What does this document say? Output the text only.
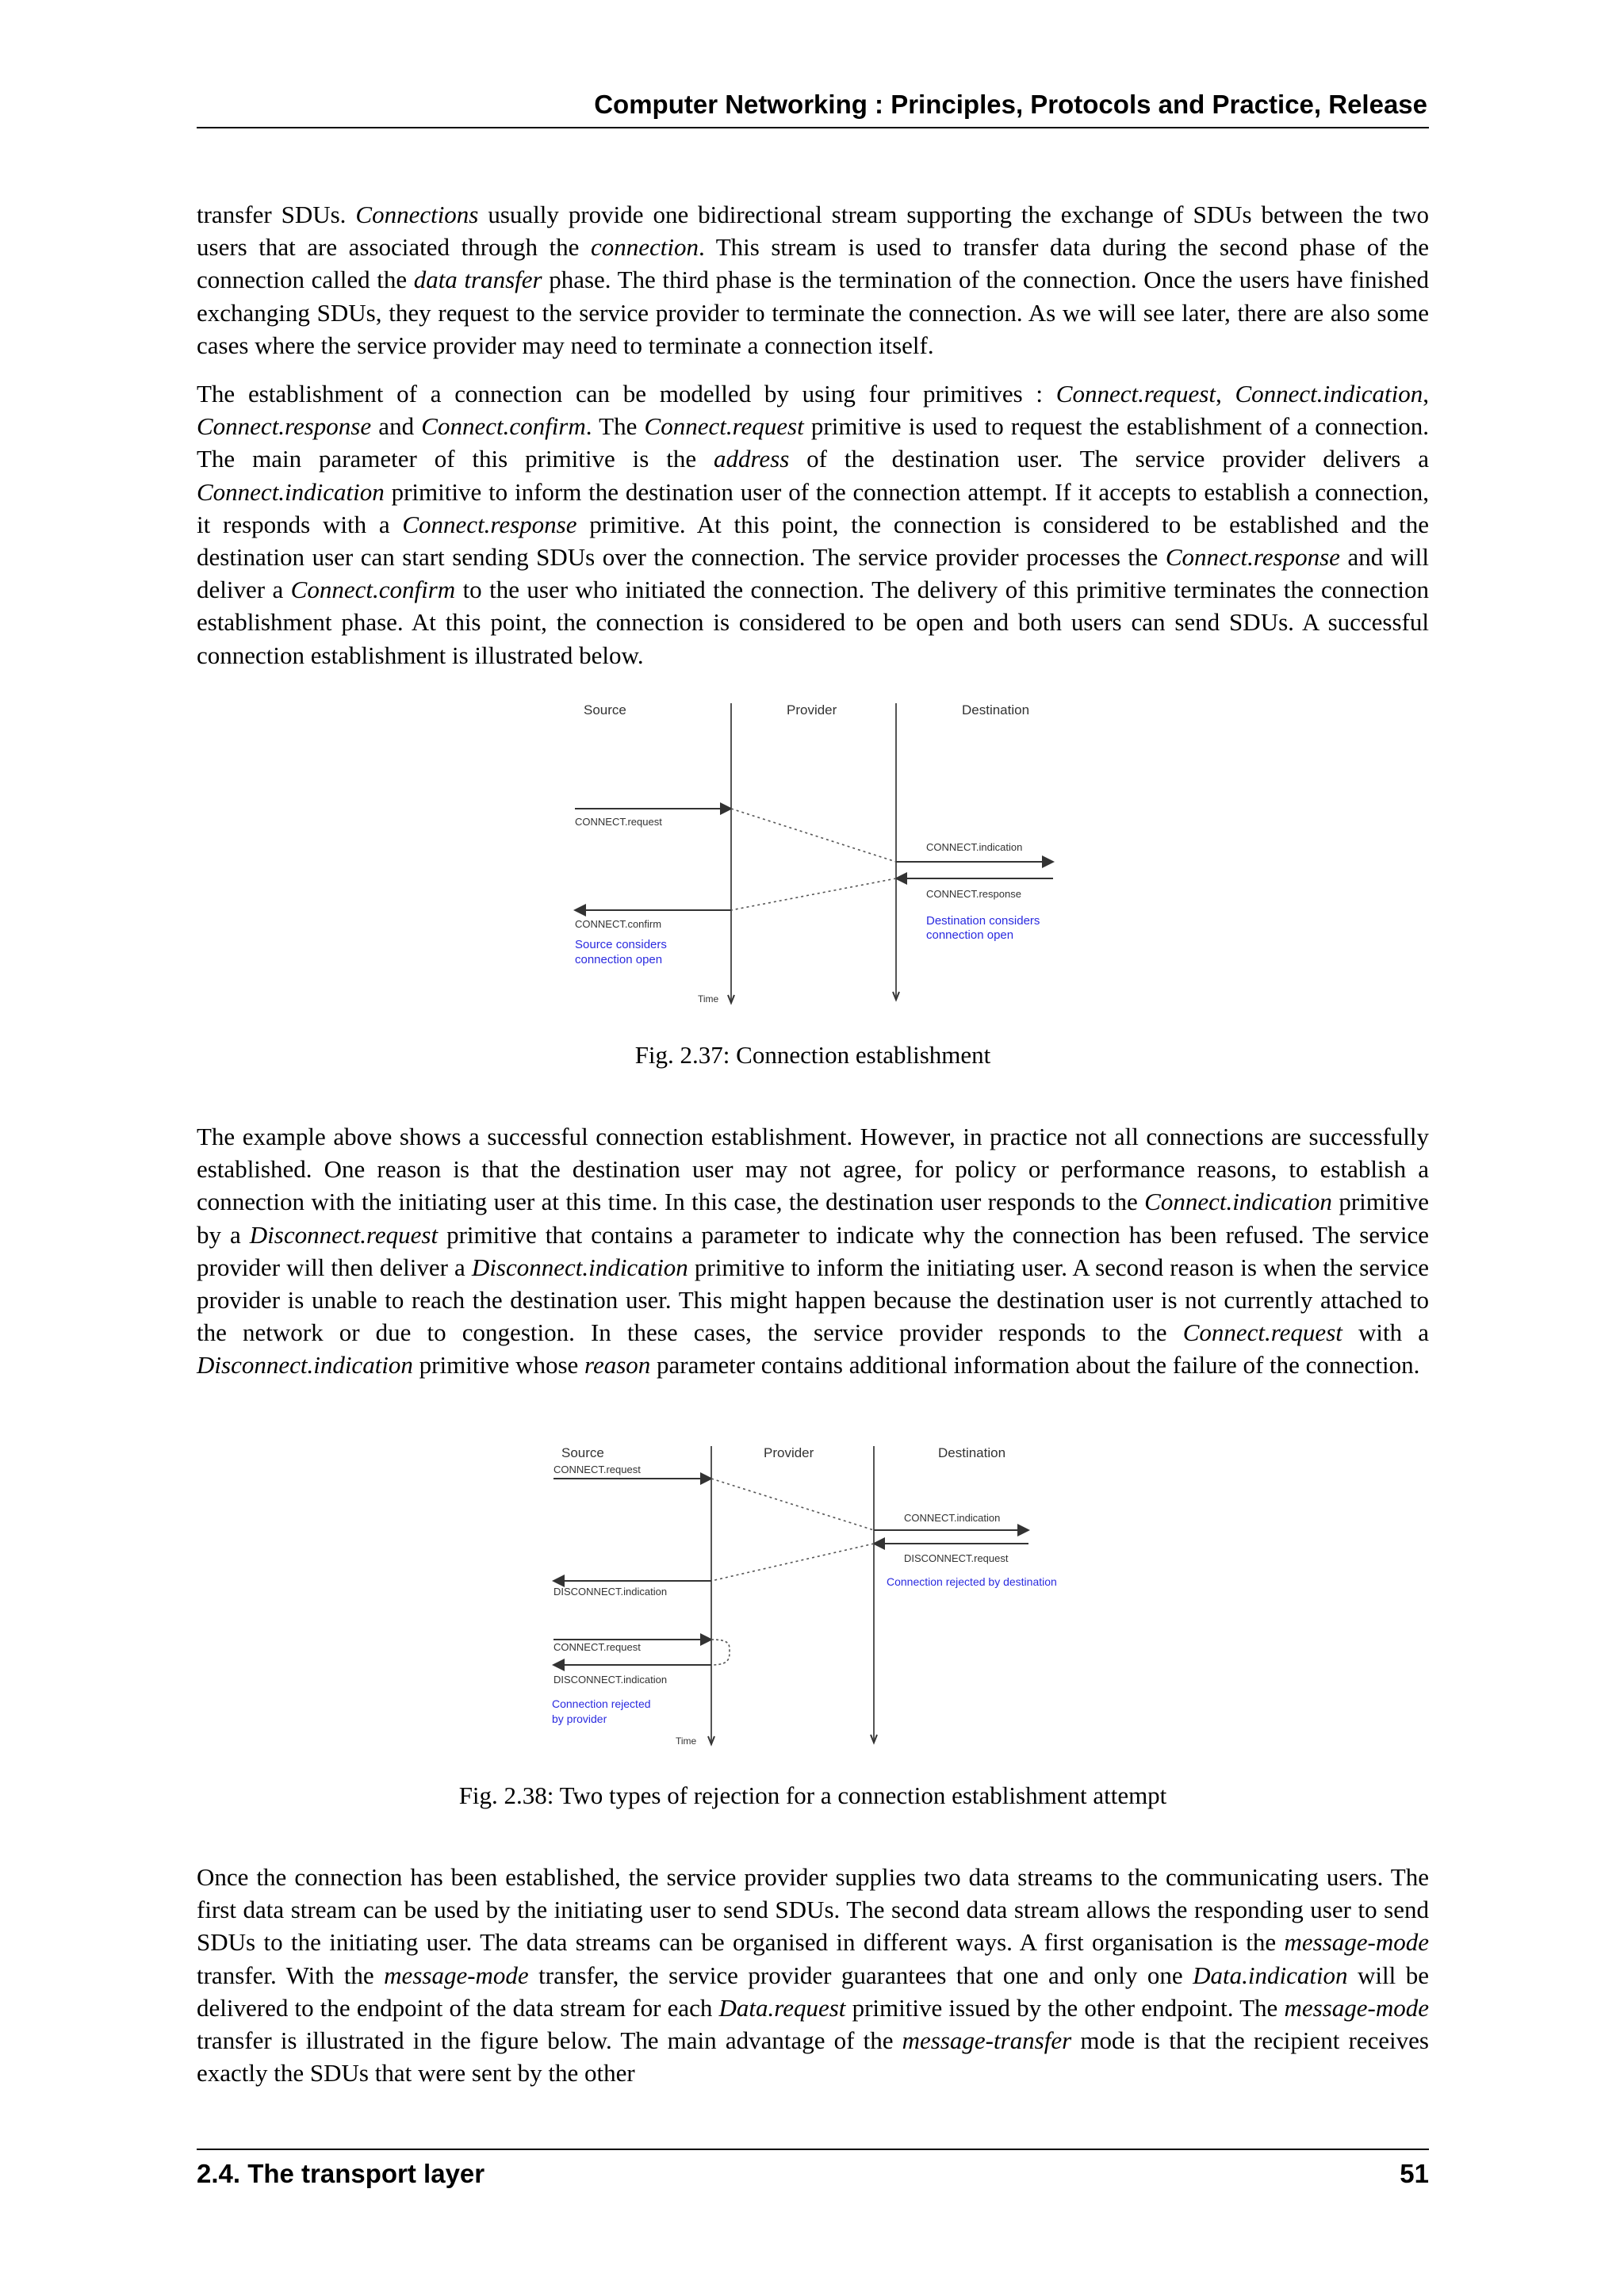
Computer Networking : Principles, Protocols and Practice, Release

transfer SDUs. Connections usually provide one bidirectional stream supporting the exchange of SDUs between the two users that are associated through the connection. This stream is used to transfer data during the second phase of the connection called the data transfer phase. The third phase is the termination of the connection. Once the users have finished exchanging SDUs, they request to the service provider to terminate the connection. As we will see later, there are also some cases where the service provider may need to terminate a connection itself.

The establishment of a connection can be modelled by using four primitives : Connect.request, Connect.indication, Connect.response and Connect.confirm. The Connect.request primitive is used to request the establishment of a connection. The main parameter of this primitive is the address of the destination user. The service provider delivers a Connect.indication primitive to inform the destination user of the connection attempt. If it accepts to establish a connection, it responds with a Connect.response primitive. At this point, the connection is considered to be established and the destination user can start sending SDUs over the connection. The service provider processes the Connect.response and will deliver a Connect.confirm to the user who initiated the connection. The delivery of this primitive terminates the connection establishment phase. At this point, the connection is considered to be open and both users can send SDUs. A successful connection establishment is illustrated below.

Source	Provider	Destination
CONNECT.request
CONNECT.indication
CONNECT.response
CONNECT.confirm	Destination considers
connection open
Source considers
connection open
Time
Fig. 2.37: Connection establishment

The example above shows a successful connection establishment. However, in practice not all connections are successfully established. One reason is that the destination user may not agree, for policy or performance reasons, to establish a connection with the initiating user at this time. In this case, the destination user responds to the Connect.indication primitive by a Disconnect.request primitive that contains a parameter to indicate why the connection has been refused. The service provider will then deliver a Disconnect.indication primitive to inform the initiating user. A second reason is when the service provider is unable to reach the destination user. This might happen because the destination user is not currently attached to the network or due to congestion. In these cases, the service provider responds to the Connect.request with a Disconnect.indication primitive whose reason parameter contains additional information about the failure of the connection.

Source	Provider	Destination
CONNECT.request
CONNECT.indication
DISCONNECT.request
Connection rejected by destination
DISCONNECT.indication
CONNECT.request
DISCONNECT.indication
Connection rejected
by provider
Time
Fig. 2.38: Two types of rejection for a connection establishment attempt

Once the connection has been established, the service provider supplies two data streams to the communicating users. The first data stream can be used by the initiating user to send SDUs. The second data stream allows the responding user to send SDUs to the initiating user. The data streams can be organised in different ways. A first organisation is the message-mode transfer. With the message-mode transfer, the service provider guarantees that one and only one Data.indication will be delivered to the endpoint of the data stream for each Data.request primitive issued by the other endpoint. The message-mode transfer is illustrated in the figure below. The main advantage of the message-transfer mode is that the recipient receives exactly the SDUs that were sent by the other

2.4. The transport layer	51
